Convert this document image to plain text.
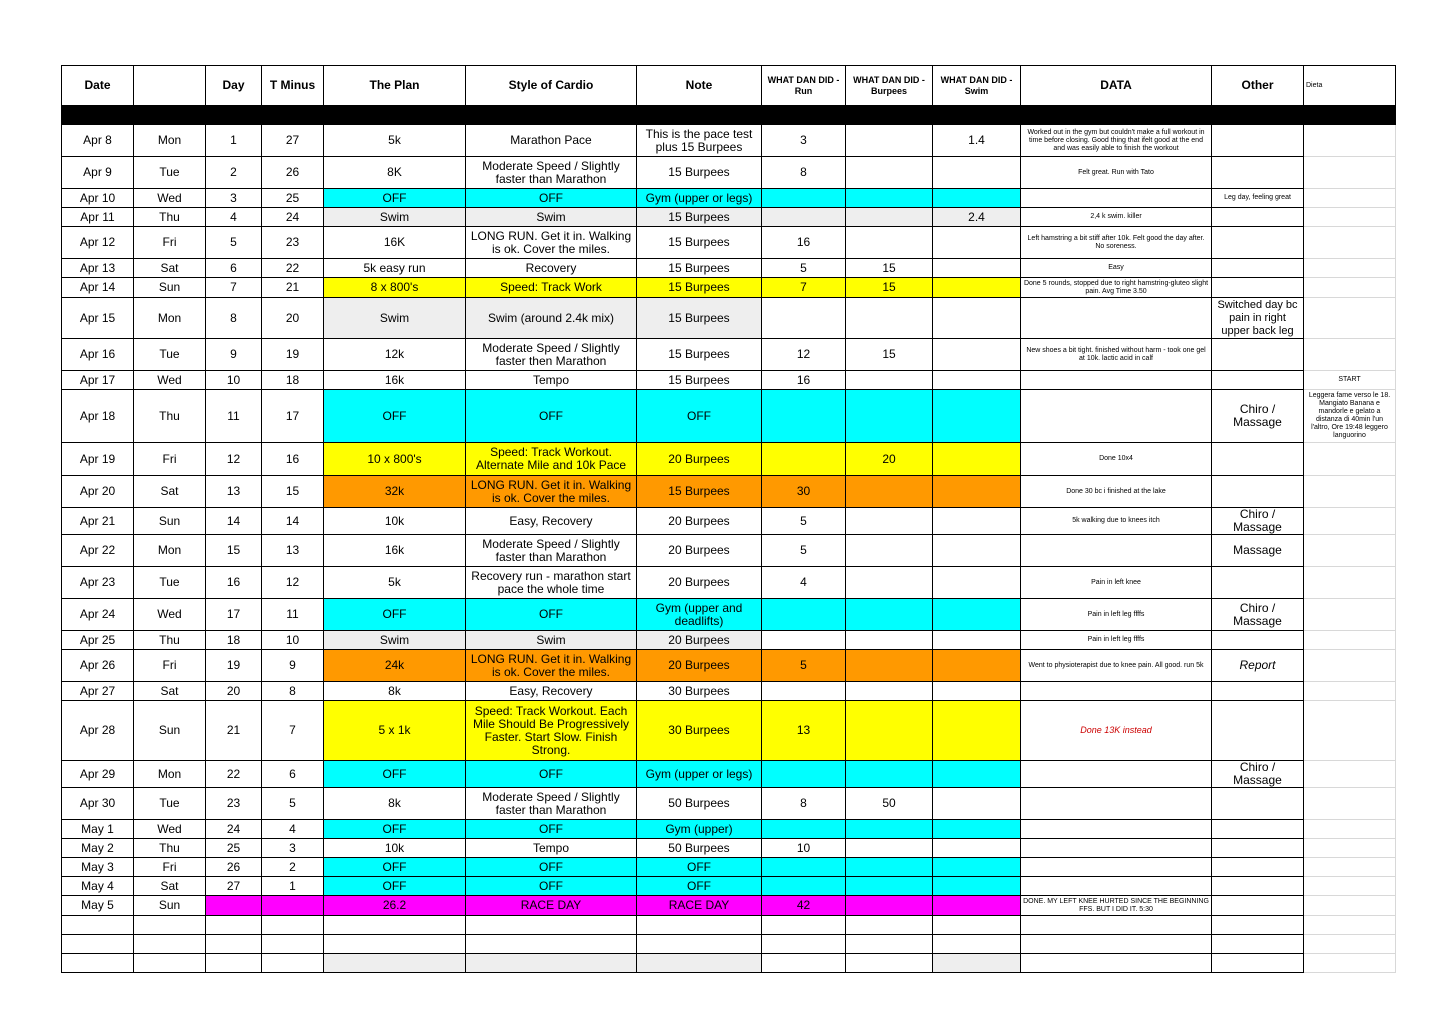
Date		Day	T Minus	The Plan	Style of Cardio	Note	WHAT DAN DID - Run	WHAT DAN DID - Burpees	WHAT DAN DID - Swim	DATA	Other	Dieta

Apr 8	Mon	1	27	5k	Marathon Pace	This is the pace test plus 15 Burpees	3		1.4	Worked out in the gym but couldn't make a full workout in time before closing. Good thing that ifelt good at the end and was easily able to finish the workout		
Apr 9	Tue	2	26	8K	Moderate Speed / Slightly faster than Marathon	15 Burpees	8			Felt great. Run with Tato		
Apr 10	Wed	3	25	OFF	OFF	Gym (upper or legs)					Leg day, feeling great	
Apr 11	Thu	4	24	Swim	Swim	15 Burpees			2.4	2,4 k swim. killer		
Apr 12	Fri	5	23	16K	LONG RUN. Get it in. Walking is ok. Cover the miles.	15 Burpees	16			Left hamstring a bit stiff after 10k. Felt good the day after. No soreness.		
Apr 13	Sat	6	22	5k easy run	Recovery	15 Burpees	5	15		Easy		
Apr 14	Sun	7	21	8 x 800's	Speed: Track Work	15 Burpees	7	15		Done 5 rounds, stopped due to right hamstring-gluteo slight pain. Avg Time 3.50		
Apr 15	Mon	8	20	Swim	Swim (around 2.4k mix)	15 Burpees					Switched day bc pain in right upper back leg	
Apr 16	Tue	9	19	12k	Moderate Speed / Slightly faster then Marathon	15 Burpees	12	15		New shoes a bit tight. finished without harm - took one gel at 10k. lactic acid in calf		
Apr 17	Wed	10	18	16k	Tempo	15 Burpees	16					START
Apr 18	Thu	11	17	OFF	OFF	OFF					Chiro / Massage	Leggera fame verso le 18. Mangiato Banana e mandorle e gelato a distanza di 40min l'un l'altro, Ore 19:48 leggero languorino
Apr 19	Fri	12	16	10 x 800's	Speed: Track Workout. Alternate Mile and 10k Pace	20 Burpees		20		Done 10x4		
Apr 20	Sat	13	15	32k	LONG RUN. Get it in. Walking is ok. Cover the miles.	15 Burpees	30			Done 30 bc i finished at the lake		
Apr 21	Sun	14	14	10k	Easy, Recovery	20 Burpees	5			5k walking due to knees itch	Chiro / Massage	
Apr 22	Mon	15	13	16k	Moderate Speed / Slightly faster than Marathon	20 Burpees	5				Massage	
Apr 23	Tue	16	12	5k	Recovery run - marathon start pace the whole time	20 Burpees	4			Pain in left knee		
Apr 24	Wed	17	11	OFF	OFF	Gym (upper and deadlifts)				Pain in left leg ffffs	Chiro / Massage	
Apr 25	Thu	18	10	Swim	Swim	20 Burpees				Pain in left leg ffffs		
Apr 26	Fri	19	9	24k	LONG RUN. Get it in. Walking is ok. Cover the miles.	20 Burpees	5			Went to physioterapist due to knee pain. All good. run 5k	Report	
Apr 27	Sat	20	8	8k	Easy, Recovery	30 Burpees						
Apr 28	Sun	21	7	5 x 1k	Speed: Track Workout. Each Mile Should Be Progressively Faster. Start Slow. Finish Strong.	30 Burpees	13			Done 13K instead		
Apr 29	Mon	22	6	OFF	OFF	Gym (upper or legs)					Chiro / Massage	
Apr 30	Tue	23	5	8k	Moderate Speed / Slightly faster than Marathon	50 Burpees	8	50				
May 1	Wed	24	4	OFF	OFF	Gym (upper)						
May 2	Thu	25	3	10k	Tempo	50 Burpees	10					
May 3	Fri	26	2	OFF	OFF	OFF						
May 4	Sat	27	1	OFF	OFF	OFF						
May 5	Sun			26.2	RACE DAY	RACE DAY	42			DONE. MY LEFT KNEE HURTED SINCE THE BEGINNING FFS. BUT I DID IT. 5:30		
